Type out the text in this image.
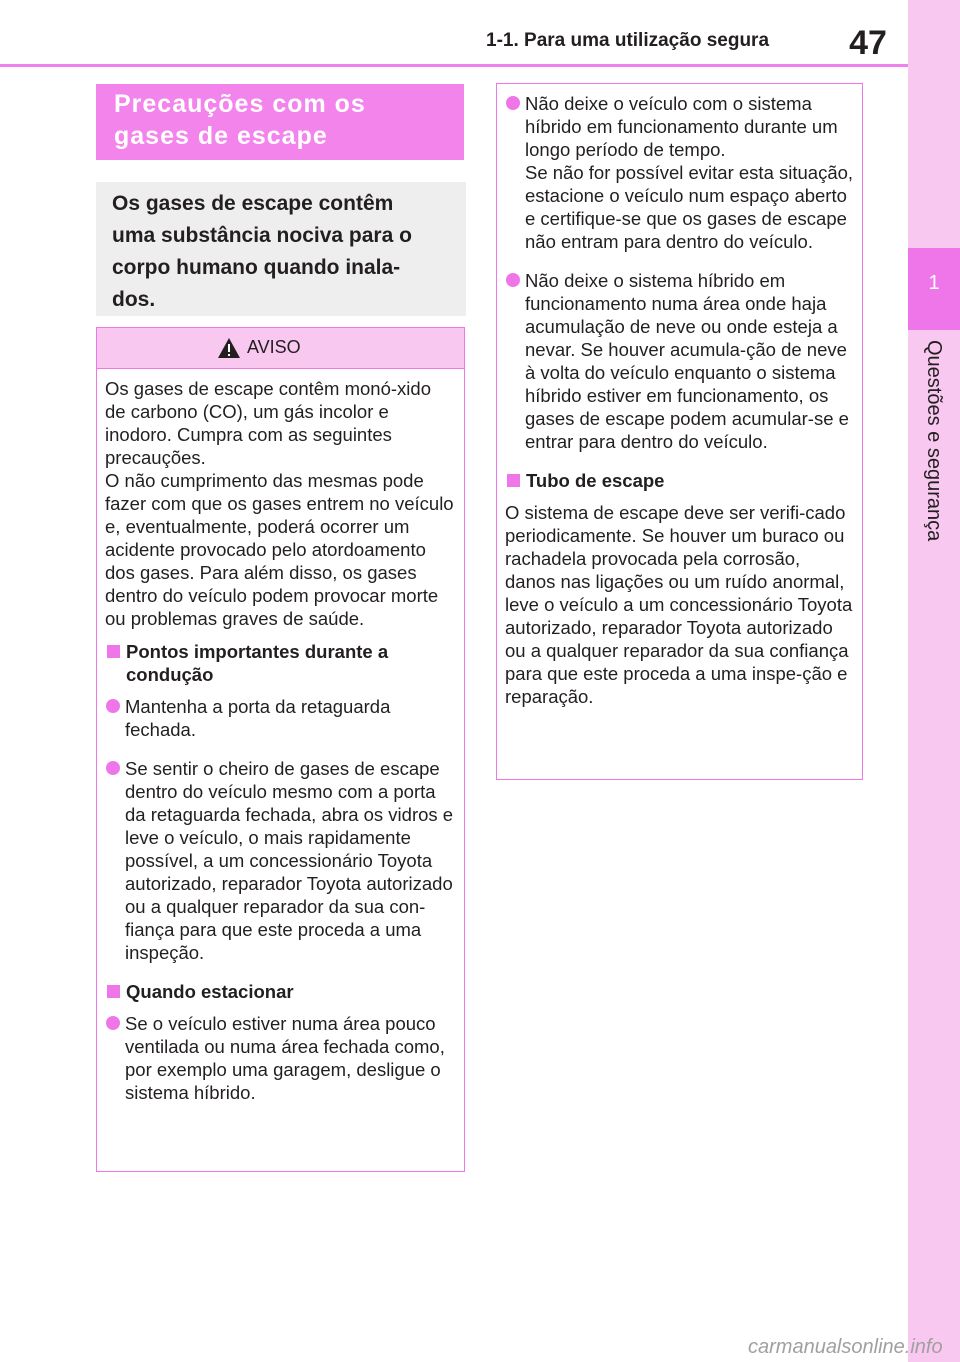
1-1. Para uma utilização segura	47
1
Questões e segurança

Precauções com os

gases de escape

Os gases de escape contêm

uma substância nociva para o

corpo humano quando inala-

dos.

AVISO

Os gases de escape contêm monó-xido de carbono (CO), um gás incolor e inodoro. Cumpra com as seguintes precauções.

O não cumprimento das mesmas pode fazer com que os gases entrem no veículo e, eventualmente, poderá ocorrer um acidente provocado pelo atordoamento dos gases. Para além disso, os gases dentro do veículo podem provocar morte ou problemas graves de saúde.

Pontos importantes durante a condução
Mantenha a porta da retaguarda fechada.
Se sentir o cheiro de gases de escape dentro do veículo mesmo com a porta da retaguarda fechada, abra os vidros e leve o veículo, o mais rapidamente possível, a um concessionário Toyota autorizado, reparador Toyota autorizado ou a qualquer reparador da sua con-fiança para que este proceda a uma inspeção.
Quando estacionar
Se o veículo estiver numa área pouco ventilada ou numa área fechada como, por exemplo uma garagem, desligue o sistema híbrido.
Não deixe o veículo com o sistema híbrido em funcionamento durante um longo período de tempo.
Se não for possível evitar esta situação, estacione o veículo num espaço aberto e certifique-se que os gases de escape não entram para dentro do veículo.
Não deixe o sistema híbrido em funcionamento numa área onde haja acumulação de neve ou onde esteja a nevar. Se houver acumula-ção de neve à volta do veículo enquanto o sistema híbrido estiver em funcionamento, os gases de escape podem acumular-se e entrar para dentro do veículo.
Tubo de escape

O sistema de escape deve ser verifi-cado periodicamente. Se houver um buraco ou rachadela provocada pela corrosão, danos nas ligações ou um ruído anormal, leve o veículo a um concessionário Toyota autorizado, reparador Toyota autorizado ou a qualquer reparador da sua confiança para que este proceda a uma inspe-ção e reparação.

carmanualsonline.info
